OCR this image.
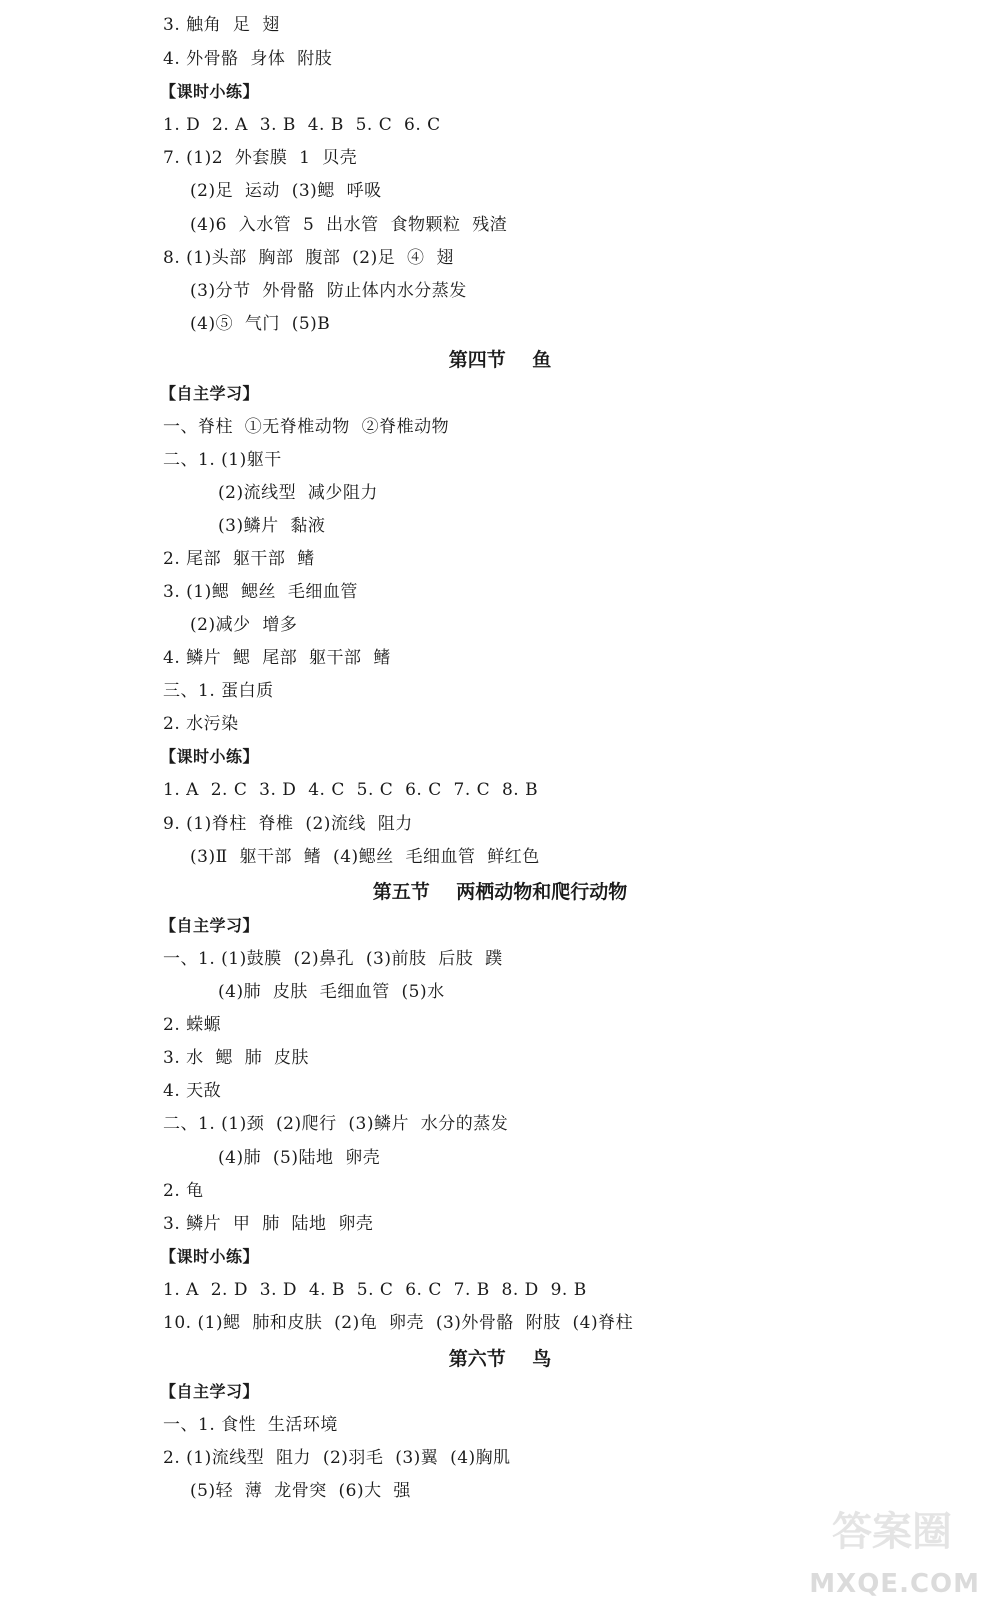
3. 触角  足  翅
4. 外骨骼  身体  附肢
【课时小练】
1. D  2. A  3. B  4. B  5. C  6. C
7. (1)2  外套膜  1  贝壳
(2)足  运动  (3)鳃  呼吸
(4)6  入水管  5  出水管  食物颗粒  残渣
8. (1)头部  胸部  腹部  (2)足  ④  翅
(3)分节  外骨骼  防止体内水分蒸发
(4)⑤  气门  (5)B
第四节    鱼
【自主学习】
一、脊柱  ①无脊椎动物  ②脊椎动物
二、1. (1)躯干
(2)流线型  减少阻力
(3)鳞片  黏液
2. 尾部  躯干部  鳍
3. (1)鳃  鳃丝  毛细血管
(2)减少  增多
4. 鳞片  鳃  尾部  躯干部  鳍
三、1. 蛋白质
2. 水污染
【课时小练】
1. A  2. C  3. D  4. C  5. C  6. C  7. C  8. B
9. (1)脊柱  脊椎  (2)流线  阻力
(3)Ⅱ  躯干部  鳍  (4)鳃丝  毛细血管  鲜红色
第五节    两栖动物和爬行动物
【自主学习】
一、1. (1)鼓膜  (2)鼻孔  (3)前肢  后肢  蹼
(4)肺  皮肤  毛细血管  (5)水
2. 蝾螈
3. 水  鳃  肺  皮肤
4. 天敌
二、1. (1)颈  (2)爬行  (3)鳞片  水分的蒸发
(4)肺  (5)陆地  卵壳
2. 龟
3. 鳞片  甲  肺  陆地  卵壳
【课时小练】
1. A  2. D  3. D  4. B  5. C  6. C  7. B  8. D  9. B
10. (1)鳃  肺和皮肤  (2)龟  卵壳  (3)外骨骼  附肢  (4)脊柱
第六节    鸟
【自主学习】
一、1. 食性  生活环境
2. (1)流线型  阻力  (2)羽毛  (3)翼  (4)胸肌
(5)轻  薄  龙骨突  (6)大  强
答案圈
MXQE.COM
